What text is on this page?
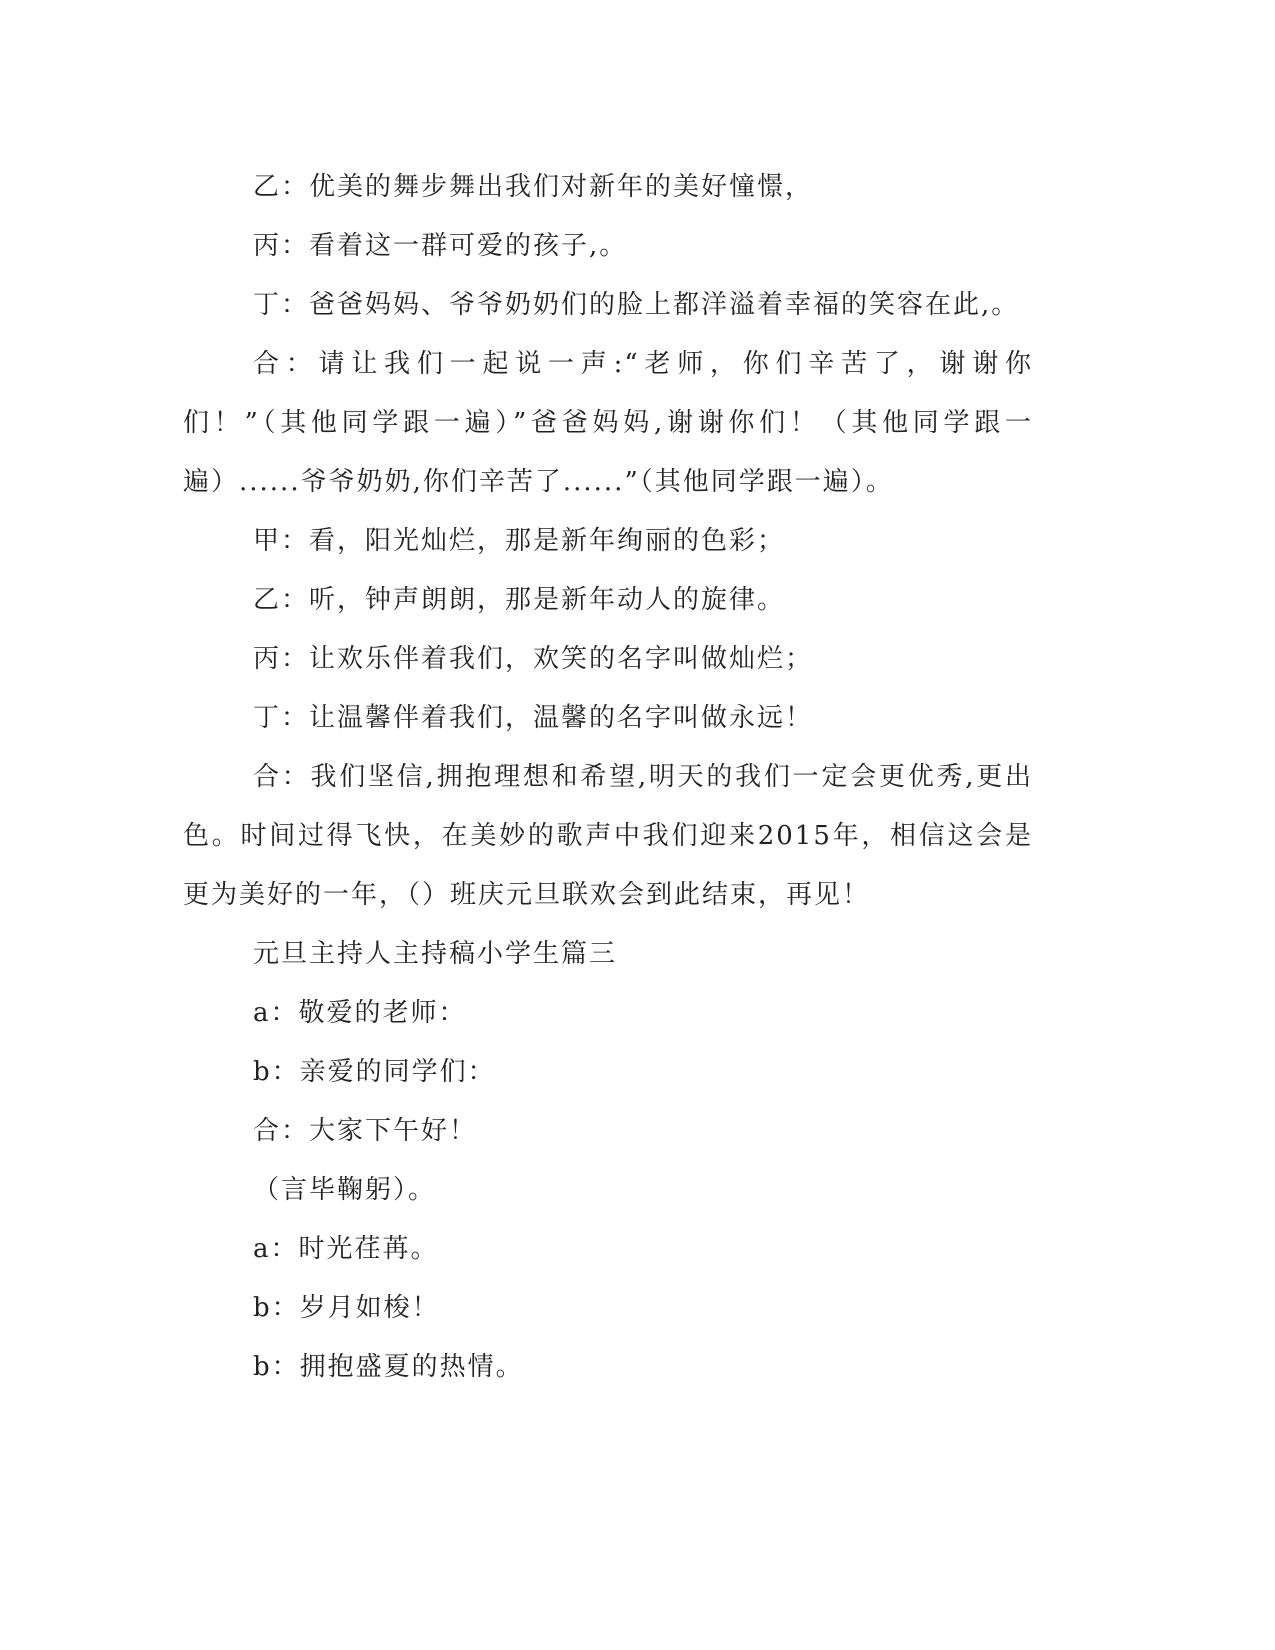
乙：优美的舞步舞出我们对新年的美好憧憬，

丙：看着这一群可爱的孩子,。

丁：爸爸妈妈、爷爷奶奶们的脸上都洋溢着幸福的笑容在此,。

合：请让我们一起说一声:“老师，你们辛苦了，谢谢你们！”（其他同学跟一遍）”爸爸妈妈,谢谢你们！（其他同学跟一遍）......爷爷奶奶,你们辛苦了......”（其他同学跟一遍）。

甲：看，阳光灿烂，那是新年绚丽的色彩；

乙：听，钟声朗朗，那是新年动人的旋律。

丙：让欢乐伴着我们，欢笑的名字叫做灿烂；

丁：让温馨伴着我们，温馨的名字叫做永远！

合：我们坚信,拥抱理想和希望,明天的我们一定会更优秀,更出色。时间过得飞快，在美妙的歌声中我们迎来2015年，相信这会是更为美好的一年，（）班庆元旦联欢会到此结束，再见！

元旦主持人主持稿小学生篇三

a：敬爱的老师：

b：亲爱的同学们：

合：大家下午好！

（言毕鞠躬）。

a：时光荏苒。

b：岁月如梭！

b：拥抱盛夏的热情。
